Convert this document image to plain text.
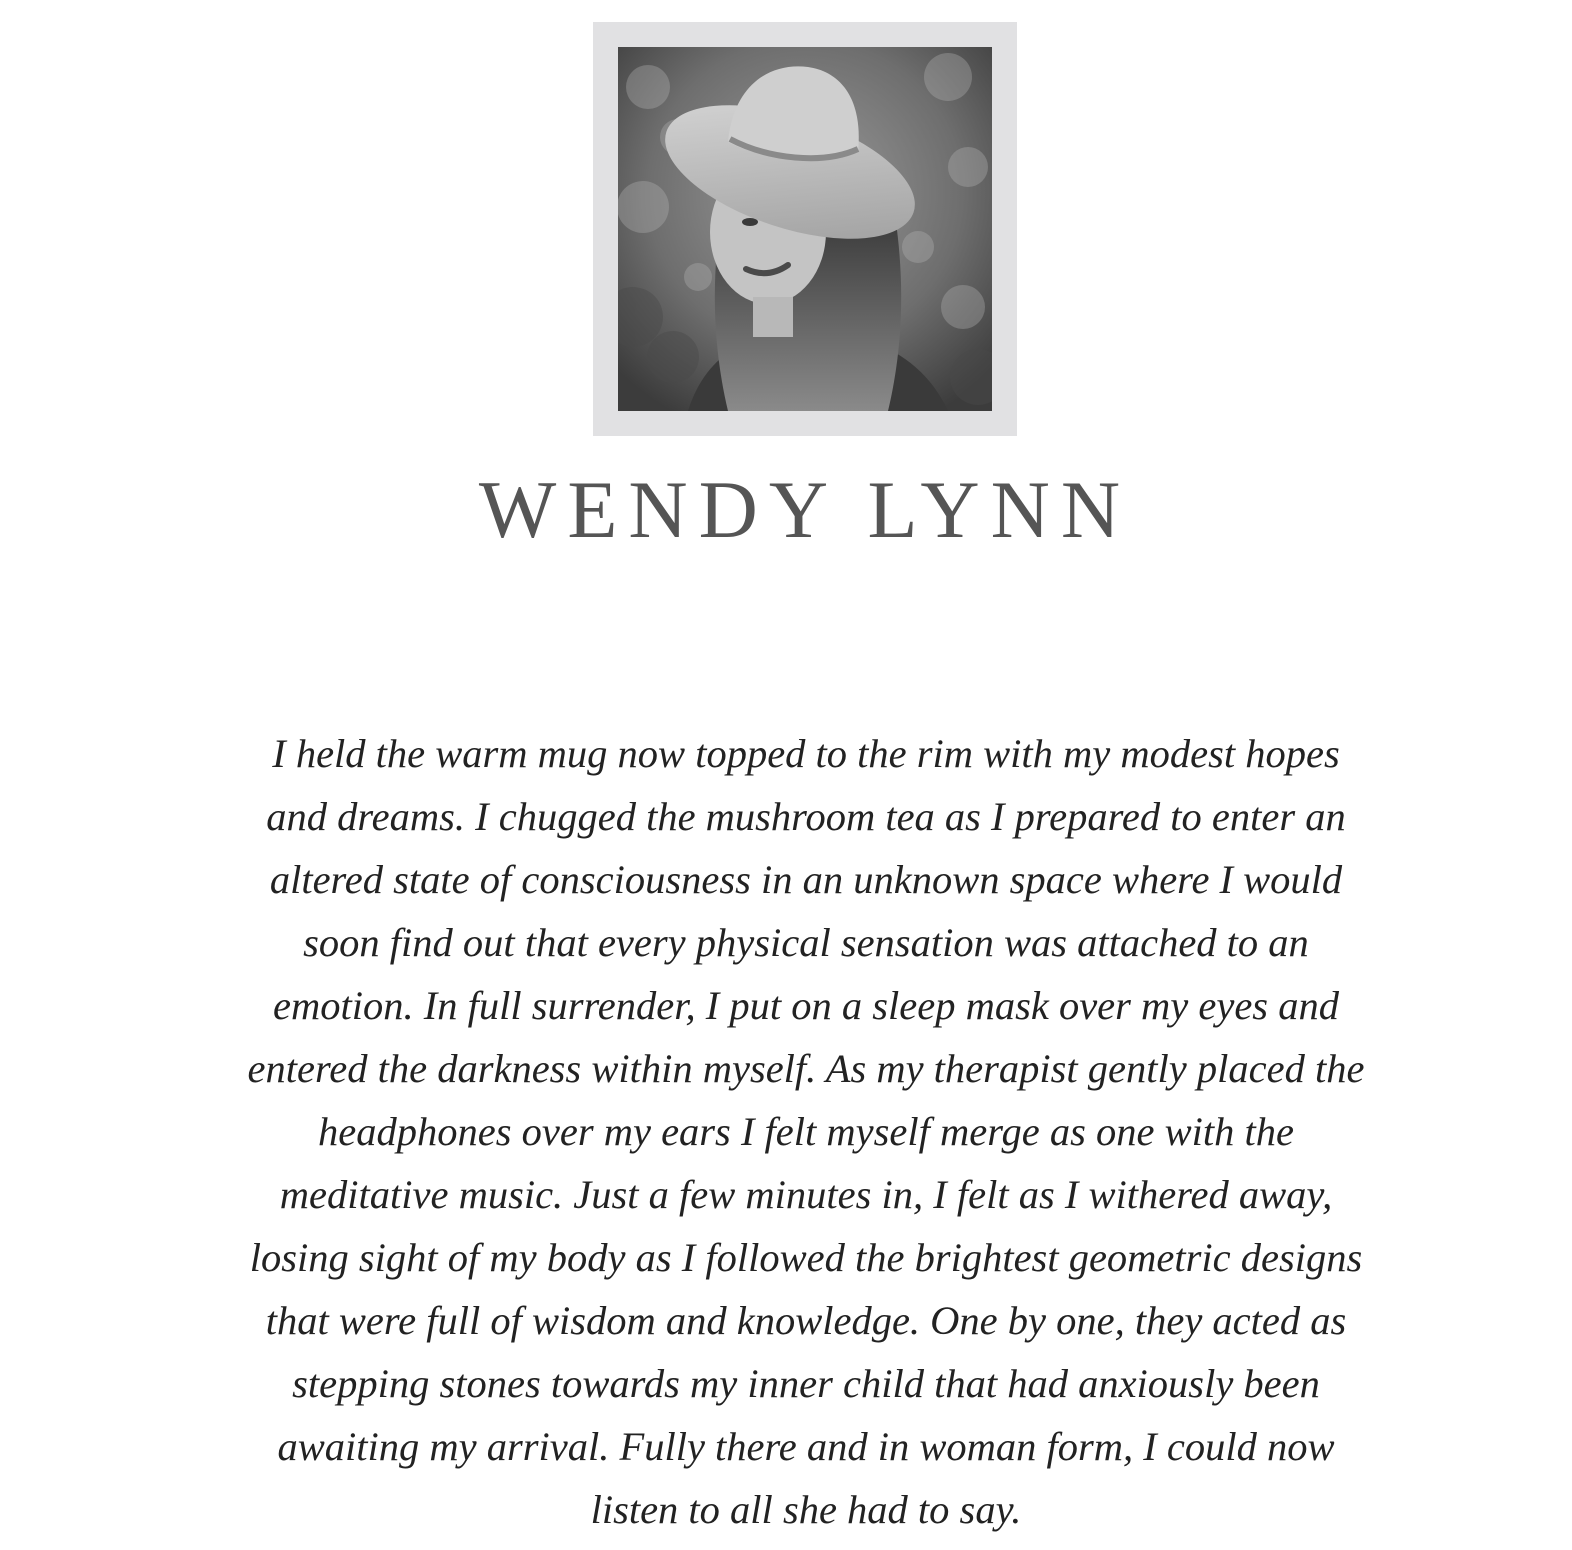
WENDY LYNN

I held the warm mug now topped to the rim with my modest hopes and dreams. I chugged the mushroom tea as I prepared to enter an altered state of consciousness in an unknown space where I would soon find out that every physical sensation was attached to an emotion. In full surrender, I put on a sleep mask over my eyes and entered the darkness within myself. As my therapist gently placed the headphones over my ears I felt myself merge as one with the meditative music. Just a few minutes in, I felt as I withered away, losing sight of my body as I followed the brightest geometric designs that were full of wisdom and knowledge. One by one, they acted as stepping stones towards my inner child that had anxiously been awaiting my arrival. Fully there and in woman form, I could now listen to all she had to say.
